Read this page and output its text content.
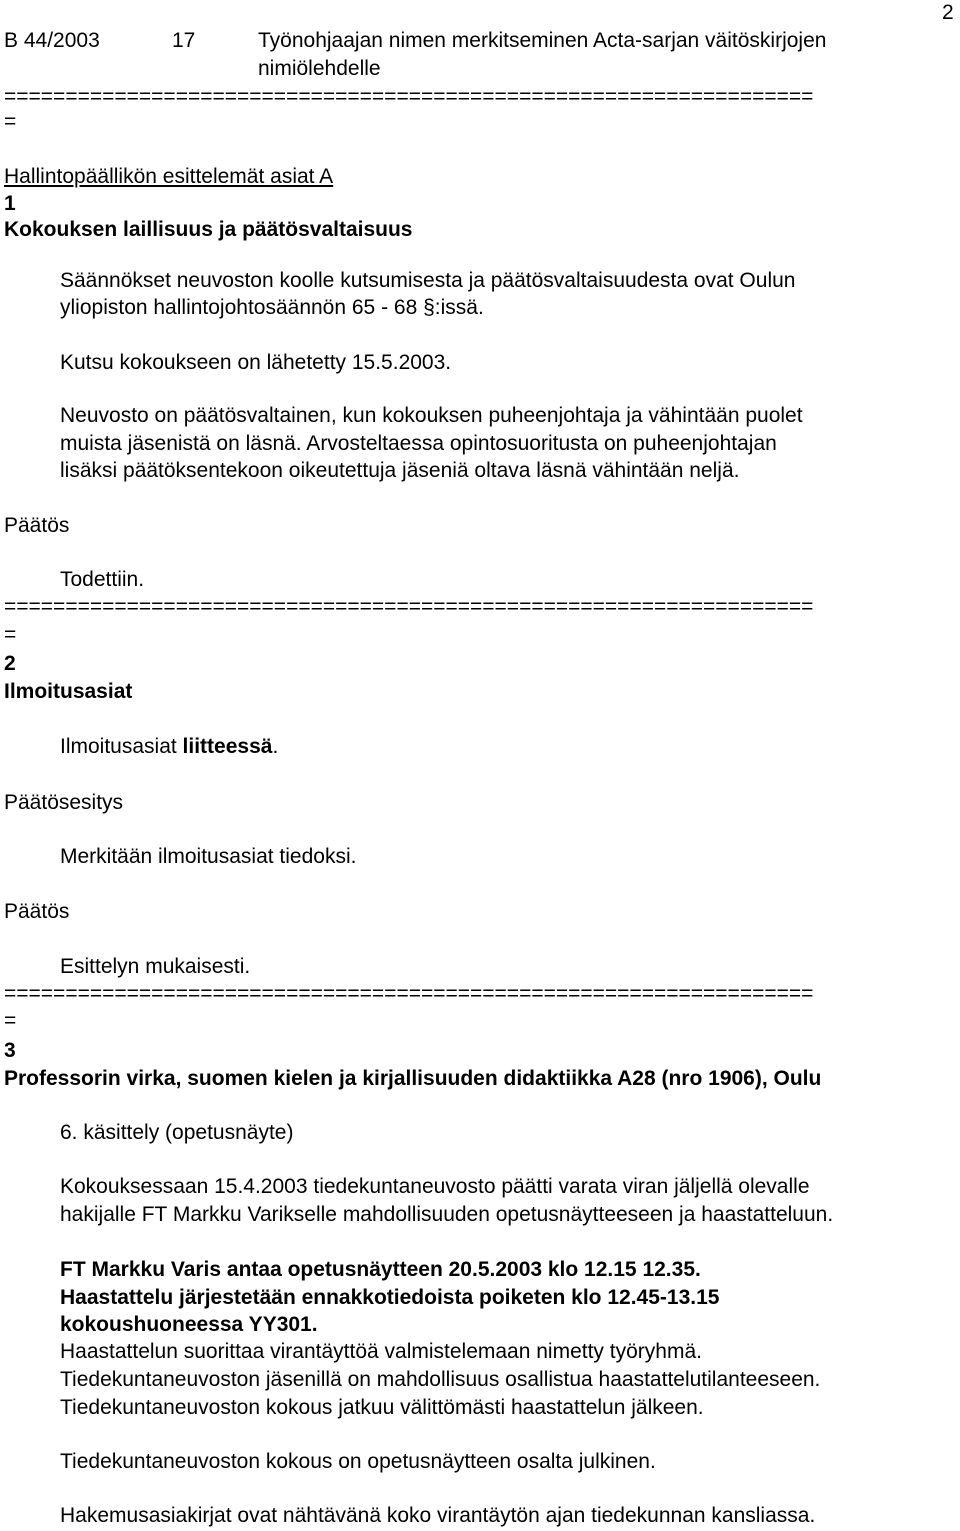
B 44/2003	17	Työnohjaajan nimen merkitseminen Acta-sarjan väitöskirjojen
nimiölehdelle
2
==================================================================
=
Hallintopäällikön esittelemät asiat A
1
Kokouksen laillisuus ja päätösvaltaisuus
Säännökset neuvoston koolle kutsumisesta ja päätösvaltaisuudesta ovat Oulun
yliopiston hallintojohtosäännön 65 - 68 §:issä.
Kutsu kokoukseen on lähetetty 15.5.2003.
Neuvosto on päätösvaltainen, kun kokouksen puheenjohtaja ja vähintään puolet
muista jäsenistä on läsnä. Arvosteltaessa opintosuoritusta on puheenjohtajan
lisäksi päätöksentekoon oikeutettuja jäseniä oltava läsnä vähintään neljä.
Päätös
Todettiin.
==================================================================
=
2
Ilmoitusasiat
Ilmoitusasiat liitteessä.
Päätösesitys
Merkitään ilmoitusasiat tiedoksi.
Päätös
Esittelyn mukaisesti.
==================================================================
=
3
Professorin virka, suomen kielen ja kirjallisuuden didaktiikka A28 (nro 1906), Oulu
6. käsittely (opetusnäyte)
Kokouksessaan 15.4.2003 tiedekuntaneuvosto päätti varata viran jäljellä olevalle
hakijalle FT Markku Varikselle mahdollisuuden opetusnäytteeseen ja haastatteluun.
FT Markku Varis antaa opetusnäytteen 20.5.2003 klo 12.15 12.35.
Haastattelu järjestetään ennakkotiedoista poiketen klo 12.45-13.15
kokoushuoneessa YY301.
Haastattelun suorittaa virantäyttöä valmistelemaan nimetty työryhmä.
Tiedekuntaneuvoston jäsenillä on mahdollisuus osallistua haastattelutilanteeseen.
Tiedekuntaneuvoston kokous jatkuu välittömästi haastattelun jälkeen.
Tiedekuntaneuvoston kokous on opetusnäytteen osalta julkinen.
Hakemusasiakirjat ovat nähtävänä koko virantäytön ajan tiedekunnan kansliassa.
